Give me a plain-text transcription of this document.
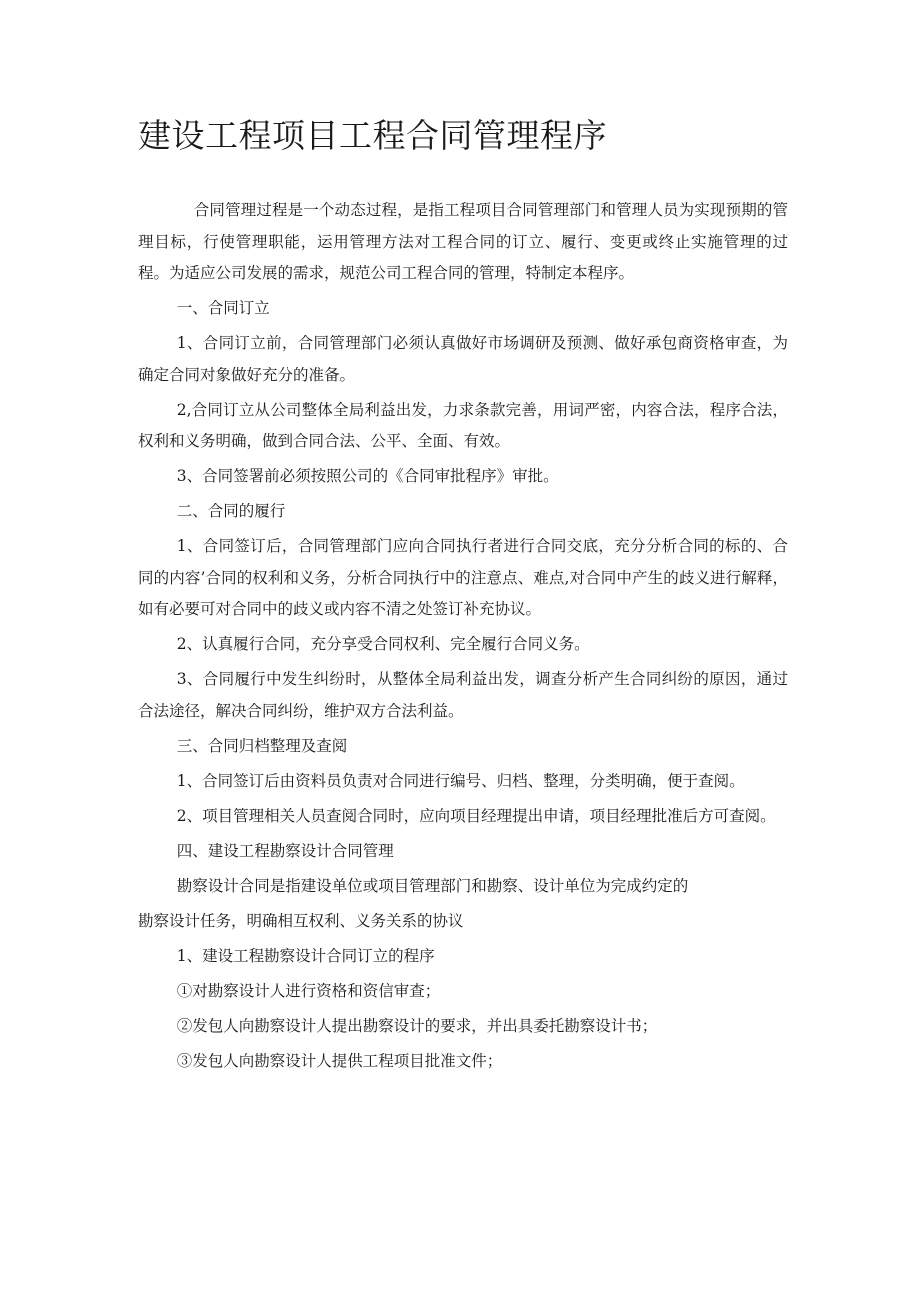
建设工程项目工程合同管理程序

合同管理过程是一个动态过程，是指工程项目合同管理部门和管理人员为实现预期的管理目标，行使管理职能，运用管理方法对工程合同的订立、履行、变更或终止实施管理的过程。为适应公司发展的需求，规范公司工程合同的管理，特制定本程序。

一、合同订立

1、合同订立前，合同管理部门必须认真做好市场调研及预测、做好承包商资格审查，为确定合同对象做好充分的准备。

2,合同订立从公司整体全局利益出发，力求条款完善，用词严密，内容合法，程序合法，权利和义务明确，做到合同合法、公平、全面、有效。

3、合同签署前必须按照公司的《合同审批程序》审批。

二、合同的履行

1、合同签订后，合同管理部门应向合同执行者进行合同交底，充分分析合同的标的、合同的内容’合同的权利和义务，分析合同执行中的注意点、难点,对合同中产生的歧义进行解释，如有必要可对合同中的歧义或内容不清之处签订补充协议。

2、认真履行合同，充分享受合同权利、完全履行合同义务。

3、合同履行中发生纠纷时，从整体全局利益出发，调查分析产生合同纠纷的原因，通过合法途径，解决合同纠纷，维护双方合法利益。

三、合同归档整理及查阅

1、合同签订后由资料员负责对合同进行编号、归档、整理，分类明确，便于查阅。

2、项目管理相关人员查阅合同时，应向项目经理提出申请，项目经理批准后方可查阅。

四、建设工程勘察设计合同管理

勘察设计合同是指建设单位或项目管理部门和勘察、设计单位为完成约定的

勘察设计任务，明确相互权利、义务关系的协议

1、建设工程勘察设计合同订立的程序

①对勘察设计人进行资格和资信审查；

②发包人向勘察设计人提出勘察设计的要求，并出具委托勘察设计书；

③发包人向勘察设计人提供工程项目批准文件；
